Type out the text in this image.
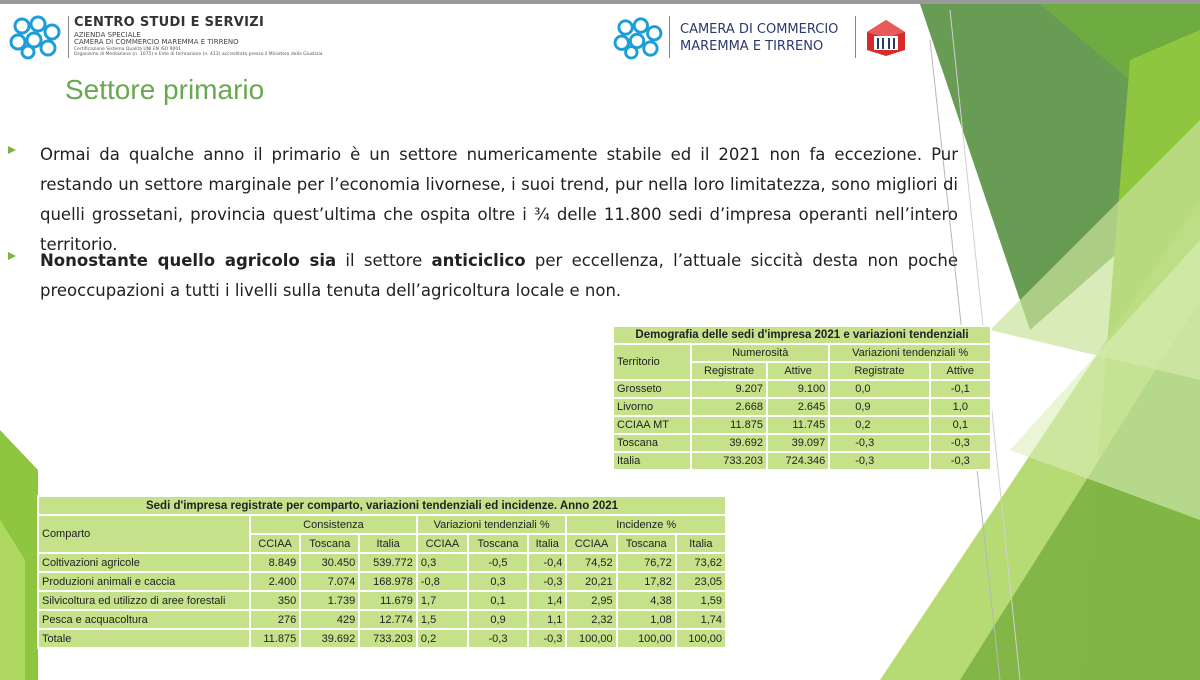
CENTRO STUDI E SERVIZI
AZIENDA SPECIALE
CAMERA DI COMMERCIO MAREMMA E TIRRENO
Certificazione Sistema Qualità UNI EN ISO 9001
Organismo di Mediazione (n. 1075) e Ente di formazione (n. 413) accreditato presso il Ministero della Giustizia
CAMERA DI COMMERCIO
MAREMMA E TIRRENO
Settore primario

Ormai da qualche anno il primario è un settore numericamente stabile ed il 2021 non fa eccezione. Pur restando un settore marginale per l’economia livornese, i suoi trend, pur nella loro limitatezza, sono migliori di quelli grossetani, provincia quest’ultima che ospita oltre i ¾ delle 11.800 sedi d’impresa operanti nell’intero territorio.

Nonostante quello agricolo sia il settore anticiclico per eccellenza, l’attuale siccità desta non poche preoccupazioni a tutti i livelli sulla tenuta dell’agricoltura locale e non.

Demografia delle sedi d'impresa 2021 e variazioni tendenziali				
Territorio	Numerosità		Variazioni tendenziali %	
	Registrate	Attive	Registrate	Attive
Grosseto	9.207	9.100	0,0	-0,1
Livorno	2.668	2.645	0,9	1,0
CCIAA MT	11.875	11.745	0,2	0,1
Toscana	39.692	39.097	-0,3	-0,3
Italia	733.203	724.346	-0,3	-0,3
Sedi d'impresa registrate per comparto, variazioni tendenziali ed incidenze. Anno 2021									
Comparto	Consistenza			Variazioni tendenziali %			Incidenze %		
	CCIAA	Toscana	Italia	CCIAA	Toscana	Italia	CCIAA	Toscana	Italia
Coltivazioni agricole	8.849	30.450	539.772	0,3	-0,5	-0,4	74,52	76,72	73,62
Produzioni animali e caccia	2.400	7.074	168.978	-0,8	0,3	-0,3	20,21	17,82	23,05
Silvicoltura ed utilizzo di aree forestali	350	1.739	11.679	1,7	0,1	1,4	2,95	4,38	1,59
Pesca e acquacoltura	276	429	12.774	1,5	0,9	1,1	2,32	1,08	1,74
Totale	11.875	39.692	733.203	0,2	-0,3	-0,3	100,00	100,00	100,00
